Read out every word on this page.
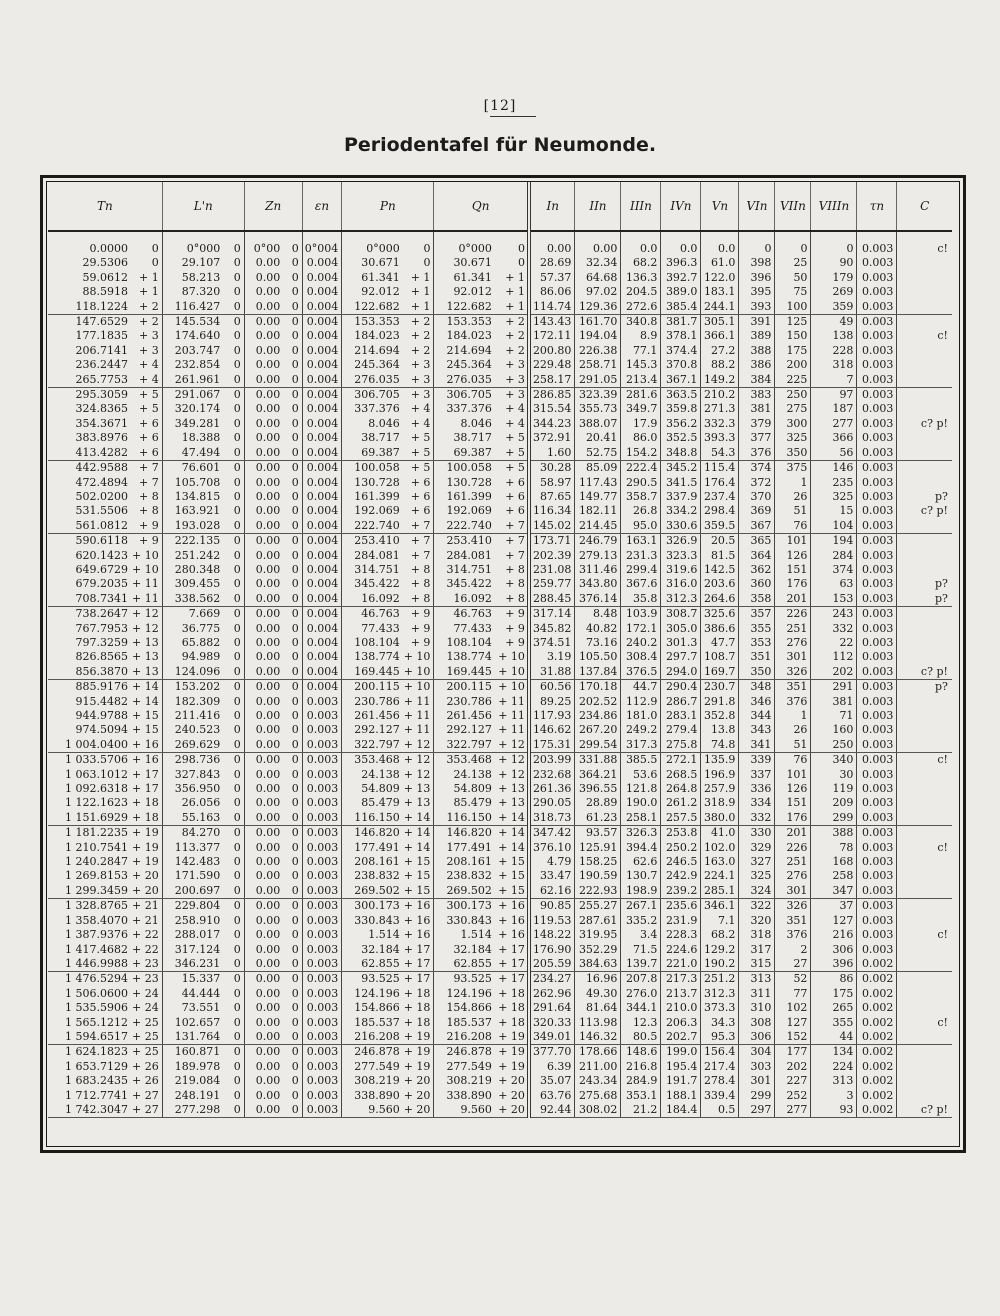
[12]
Periodentafel für Neumonde.
Tn		L'n		Zn		εn	Pn		Qn		In	IIn	IIIn	IVn	Vn	VIn	VIIn	VIIIn	τn	C

0.0000	0	0°000	0	0°00	0	0°004	0°000	0	0°000	0	0.00	0.00	0.0	0.0	0.0	0	0	0	0.003	c!
29.5306	0	29.107	0	0.00	0	0.004	30.671	0	30.671	0	28.69	32.34	68.2	396.3	61.0	398	25	90	0.003	
59.0612	+ 1	58.213	0	0.00	0	0.004	61.341	+ 1	61.341	+ 1	57.37	64.68	136.3	392.7	122.0	396	50	179	0.003	
88.5918	+ 1	87.320	0	0.00	0	0.004	92.012	+ 1	92.012	+ 1	86.06	97.02	204.5	389.0	183.1	395	75	269	0.003	
118.1224	+ 2	116.427	0	0.00	0	0.004	122.682	+ 1	122.682	+ 1	114.74	129.36	272.6	385.4	244.1	393	100	359	0.003	
147.6529	+ 2	145.534	0	0.00	0	0.004	153.353	+ 2	153.353	+ 2	143.43	161.70	340.8	381.7	305.1	391	125	49	0.003	
177.1835	+ 3	174.640	0	0.00	0	0.004	184.023	+ 2	184.023	+ 2	172.11	194.04	8.9	378.1	366.1	389	150	138	0.003	c!
206.7141	+ 3	203.747	0	0.00	0	0.004	214.694	+ 2	214.694	+ 2	200.80	226.38	77.1	374.4	27.2	388	175	228	0.003	
236.2447	+ 4	232.854	0	0.00	0	0.004	245.364	+ 3	245.364	+ 3	229.48	258.71	145.3	370.8	88.2	386	200	318	0.003	
265.7753	+ 4	261.961	0	0.00	0	0.004	276.035	+ 3	276.035	+ 3	258.17	291.05	213.4	367.1	149.2	384	225	7	0.003	
295.3059	+ 5	291.067	0	0.00	0	0.004	306.705	+ 3	306.705	+ 3	286.85	323.39	281.6	363.5	210.2	383	250	97	0.003	
324.8365	+ 5	320.174	0	0.00	0	0.004	337.376	+ 4	337.376	+ 4	315.54	355.73	349.7	359.8	271.3	381	275	187	0.003	
354.3671	+ 6	349.281	0	0.00	0	0.004	8.046	+ 4	8.046	+ 4	344.23	388.07	17.9	356.2	332.3	379	300	277	0.003	c? p!
383.8976	+ 6	18.388	0	0.00	0	0.004	38.717	+ 5	38.717	+ 5	372.91	20.41	86.0	352.5	393.3	377	325	366	0.003	
413.4282	+ 6	47.494	0	0.00	0	0.004	69.387	+ 5	69.387	+ 5	1.60	52.75	154.2	348.8	54.3	376	350	56	0.003	
442.9588	+ 7	76.601	0	0.00	0	0.004	100.058	+ 5	100.058	+ 5	30.28	85.09	222.4	345.2	115.4	374	375	146	0.003	
472.4894	+ 7	105.708	0	0.00	0	0.004	130.728	+ 6	130.728	+ 6	58.97	117.43	290.5	341.5	176.4	372	1	235	0.003	
502.0200	+ 8	134.815	0	0.00	0	0.004	161.399	+ 6	161.399	+ 6	87.65	149.77	358.7	337.9	237.4	370	26	325	0.003	p?
531.5506	+ 8	163.921	0	0.00	0	0.004	192.069	+ 6	192.069	+ 6	116.34	182.11	26.8	334.2	298.4	369	51	15	0.003	c? p!
561.0812	+ 9	193.028	0	0.00	0	0.004	222.740	+ 7	222.740	+ 7	145.02	214.45	95.0	330.6	359.5	367	76	104	0.003	
590.6118	+ 9	222.135	0	0.00	0	0.004	253.410	+ 7	253.410	+ 7	173.71	246.79	163.1	326.9	20.5	365	101	194	0.003	
620.1423	+ 10	251.242	0	0.00	0	0.004	284.081	+ 7	284.081	+ 7	202.39	279.13	231.3	323.3	81.5	364	126	284	0.003	
649.6729	+ 10	280.348	0	0.00	0	0.004	314.751	+ 8	314.751	+ 8	231.08	311.46	299.4	319.6	142.5	362	151	374	0.003	
679.2035	+ 11	309.455	0	0.00	0	0.004	345.422	+ 8	345.422	+ 8	259.77	343.80	367.6	316.0	203.6	360	176	63	0.003	p?
708.7341	+ 11	338.562	0	0.00	0	0.004	16.092	+ 8	16.092	+ 8	288.45	376.14	35.8	312.3	264.6	358	201	153	0.003	p?
738.2647	+ 12	7.669	0	0.00	0	0.004	46.763	+ 9	46.763	+ 9	317.14	8.48	103.9	308.7	325.6	357	226	243	0.003	
767.7953	+ 12	36.775	0	0.00	0	0.004	77.433	+ 9	77.433	+ 9	345.82	40.82	172.1	305.0	386.6	355	251	332	0.003	
797.3259	+ 13	65.882	0	0.00	0	0.004	108.104	+ 9	108.104	+ 9	374.51	73.16	240.2	301.3	47.7	353	276	22	0.003	
826.8565	+ 13	94.989	0	0.00	0	0.004	138.774	+ 10	138.774	+ 10	3.19	105.50	308.4	297.7	108.7	351	301	112	0.003	
856.3870	+ 13	124.096	0	0.00	0	0.004	169.445	+ 10	169.445	+ 10	31.88	137.84	376.5	294.0	169.7	350	326	202	0.003	c? p!
885.9176	+ 14	153.202	0	0.00	0	0.004	200.115	+ 10	200.115	+ 10	60.56	170.18	44.7	290.4	230.7	348	351	291	0.003	p?
915.4482	+ 14	182.309	0	0.00	0	0.003	230.786	+ 11	230.786	+ 11	89.25	202.52	112.9	286.7	291.8	346	376	381	0.003	
944.9788	+ 15	211.416	0	0.00	0	0.003	261.456	+ 11	261.456	+ 11	117.93	234.86	181.0	283.1	352.8	344	1	71	0.003	
974.5094	+ 15	240.523	0	0.00	0	0.003	292.127	+ 11	292.127	+ 11	146.62	267.20	249.2	279.4	13.8	343	26	160	0.003	
1 004.0400	+ 16	269.629	0	0.00	0	0.003	322.797	+ 12	322.797	+ 12	175.31	299.54	317.3	275.8	74.8	341	51	250	0.003	
1 033.5706	+ 16	298.736	0	0.00	0	0.003	353.468	+ 12	353.468	+ 12	203.99	331.88	385.5	272.1	135.9	339	76	340	0.003	c!
1 063.1012	+ 17	327.843	0	0.00	0	0.003	24.138	+ 12	24.138	+ 12	232.68	364.21	53.6	268.5	196.9	337	101	30	0.003	
1 092.6318	+ 17	356.950	0	0.00	0	0.003	54.809	+ 13	54.809	+ 13	261.36	396.55	121.8	264.8	257.9	336	126	119	0.003	
1 122.1623	+ 18	26.056	0	0.00	0	0.003	85.479	+ 13	85.479	+ 13	290.05	28.89	190.0	261.2	318.9	334	151	209	0.003	
1 151.6929	+ 18	55.163	0	0.00	0	0.003	116.150	+ 14	116.150	+ 14	318.73	61.23	258.1	257.5	380.0	332	176	299	0.003	
1 181.2235	+ 19	84.270	0	0.00	0	0.003	146.820	+ 14	146.820	+ 14	347.42	93.57	326.3	253.8	41.0	330	201	388	0.003	
1 210.7541	+ 19	113.377	0	0.00	0	0.003	177.491	+ 14	177.491	+ 14	376.10	125.91	394.4	250.2	102.0	329	226	78	0.003	c!
1 240.2847	+ 19	142.483	0	0.00	0	0.003	208.161	+ 15	208.161	+ 15	4.79	158.25	62.6	246.5	163.0	327	251	168	0.003	
1 269.8153	+ 20	171.590	0	0.00	0	0.003	238.832	+ 15	238.832	+ 15	33.47	190.59	130.7	242.9	224.1	325	276	258	0.003	
1 299.3459	+ 20	200.697	0	0.00	0	0.003	269.502	+ 15	269.502	+ 15	62.16	222.93	198.9	239.2	285.1	324	301	347	0.003	
1 328.8765	+ 21	229.804	0	0.00	0	0.003	300.173	+ 16	300.173	+ 16	90.85	255.27	267.1	235.6	346.1	322	326	37	0.003	
1 358.4070	+ 21	258.910	0	0.00	0	0.003	330.843	+ 16	330.843	+ 16	119.53	287.61	335.2	231.9	7.1	320	351	127	0.003	
1 387.9376	+ 22	288.017	0	0.00	0	0.003	1.514	+ 16	1.514	+ 16	148.22	319.95	3.4	228.3	68.2	318	376	216	0.003	c!
1 417.4682	+ 22	317.124	0	0.00	0	0.003	32.184	+ 17	32.184	+ 17	176.90	352.29	71.5	224.6	129.2	317	2	306	0.003	
1 446.9988	+ 23	346.231	0	0.00	0	0.003	62.855	+ 17	62.855	+ 17	205.59	384.63	139.7	221.0	190.2	315	27	396	0.002	
1 476.5294	+ 23	15.337	0	0.00	0	0.003	93.525	+ 17	93.525	+ 17	234.27	16.96	207.8	217.3	251.2	313	52	86	0.002	
1 506.0600	+ 24	44.444	0	0.00	0	0.003	124.196	+ 18	124.196	+ 18	262.96	49.30	276.0	213.7	312.3	311	77	175	0.002	
1 535.5906	+ 24	73.551	0	0.00	0	0.003	154.866	+ 18	154.866	+ 18	291.64	81.64	344.1	210.0	373.3	310	102	265	0.002	
1 565.1212	+ 25	102.657	0	0.00	0	0.003	185.537	+ 18	185.537	+ 18	320.33	113.98	12.3	206.3	34.3	308	127	355	0.002	c!
1 594.6517	+ 25	131.764	0	0.00	0	0.003	216.208	+ 19	216.208	+ 19	349.01	146.32	80.5	202.7	95.3	306	152	44	0.002	
1 624.1823	+ 25	160.871	0	0.00	0	0.003	246.878	+ 19	246.878	+ 19	377.70	178.66	148.6	199.0	156.4	304	177	134	0.002	
1 653.7129	+ 26	189.978	0	0.00	0	0.003	277.549	+ 19	277.549	+ 19	6.39	211.00	216.8	195.4	217.4	303	202	224	0.002	
1 683.2435	+ 26	219.084	0	0.00	0	0.003	308.219	+ 20	308.219	+ 20	35.07	243.34	284.9	191.7	278.4	301	227	313	0.002	
1 712.7741	+ 27	248.191	0	0.00	0	0.003	338.890	+ 20	338.890	+ 20	63.76	275.68	353.1	188.1	339.4	299	252	3	0.002	
1 742.3047	+ 27	277.298	0	0.00	0	0.003	9.560	+ 20	9.560	+ 20	92.44	308.02	21.2	184.4	0.5	297	277	93	0.002	c? p!
